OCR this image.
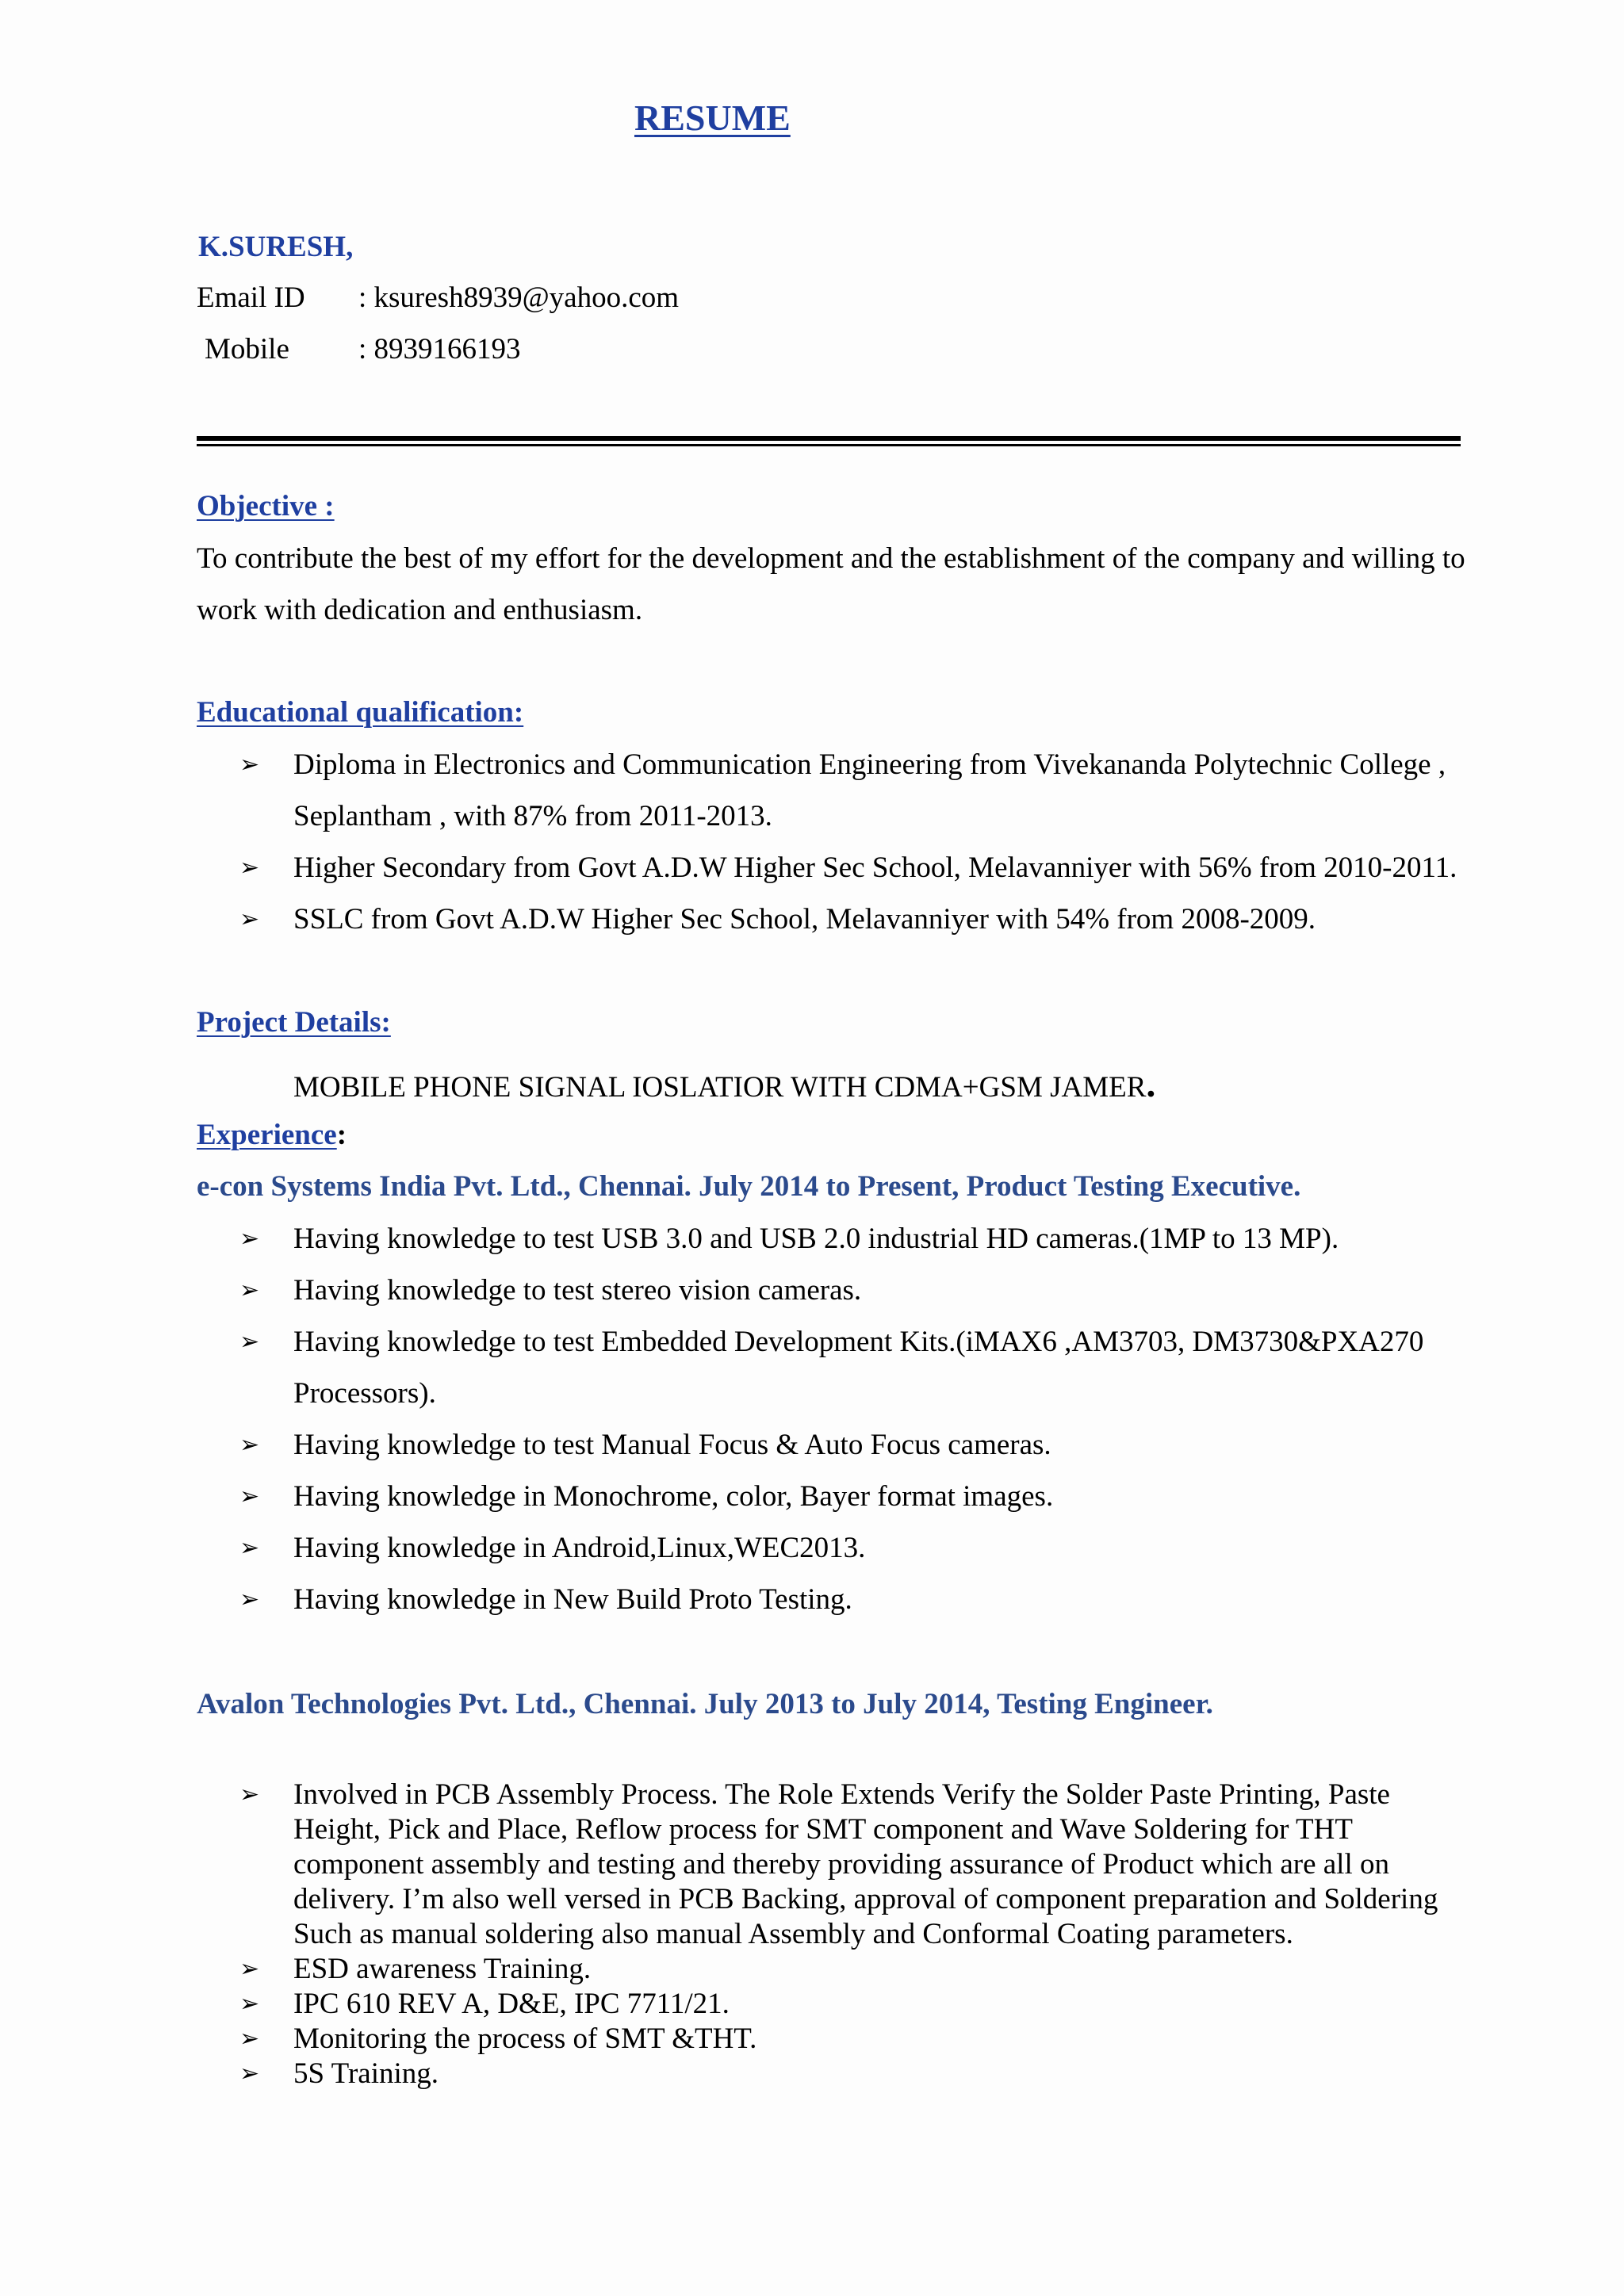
RESUME
K.SURESH,
Email ID : ksuresh8939@yahoo.com
Mobile : 8939166193
Objective :
To contribute the best of my effort for the development and the establishment of the company and willing to work with dedication and enthusiasm.
Educational qualification:
➢ Diploma in Electronics and Communication Engineering from Vivekananda Polytechnic College , Seplantham , with 87% from 2011-2013.
➢ Higher Secondary from Govt A.D.W Higher Sec School, Melavanniyer with 56% from 2010-2011.
➢ SSLC from Govt A.D.W Higher Sec School, Melavanniyer with 54% from 2008-2009.
Project Details:
MOBILE PHONE SIGNAL IOSLATIOR WITH CDMA+GSM JAMER.
Experience:
e-con Systems India Pvt. Ltd., Chennai. July 2014 to Present, Product Testing Executive.
➢ Having knowledge to test USB 3.0 and USB 2.0 industrial HD cameras.(1MP to 13 MP).
➢ Having knowledge to test stereo vision cameras.
➢ Having knowledge to test Embedded Development Kits.(iMAX6 ,AM3703, DM3730&PXA270 Processors).
➢ Having knowledge to test Manual Focus & Auto Focus cameras.
➢ Having knowledge in Monochrome, color, Bayer format images.
➢ Having knowledge in Android,Linux,WEC2013.
➢ Having knowledge in New Build Proto Testing.
Avalon Technologies Pvt. Ltd., Chennai. July 2013 to July 2014, Testing Engineer.
➢ Involved in PCB Assembly Process. The Role Extends Verify the Solder Paste Printing, Paste Height, Pick and Place, Reflow process for SMT component and Wave Soldering for THT component assembly and testing and thereby providing assurance of Product which are all on delivery. I’m also well versed in PCB Backing, approval of component preparation and Soldering Such as manual soldering also manual Assembly and Conformal Coating parameters.
➢ ESD awareness Training.
➢ IPC 610 REV A, D&E, IPC 7711/21.
➢ Monitoring the process of SMT &THT.
➢ 5S Training.
